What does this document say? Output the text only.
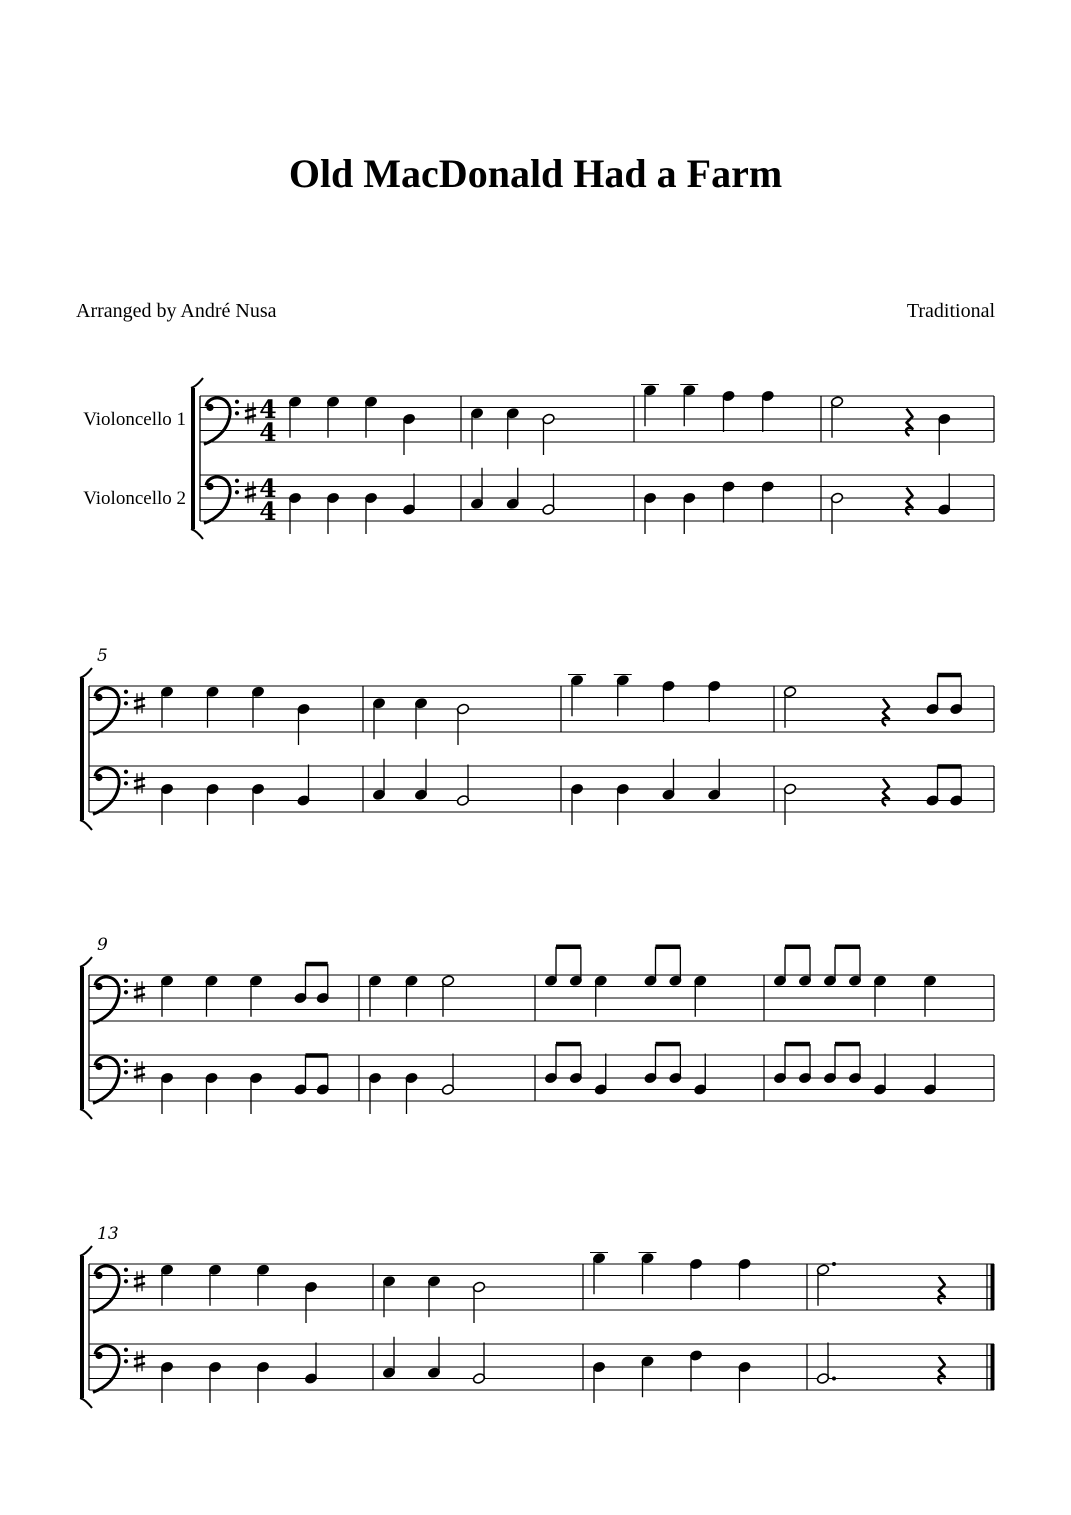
Old MacDonald Had a Farm
Arranged by André Nusa	Traditional
4
4
Violoncello 1
4
4
Violoncello 2
5
9
13
